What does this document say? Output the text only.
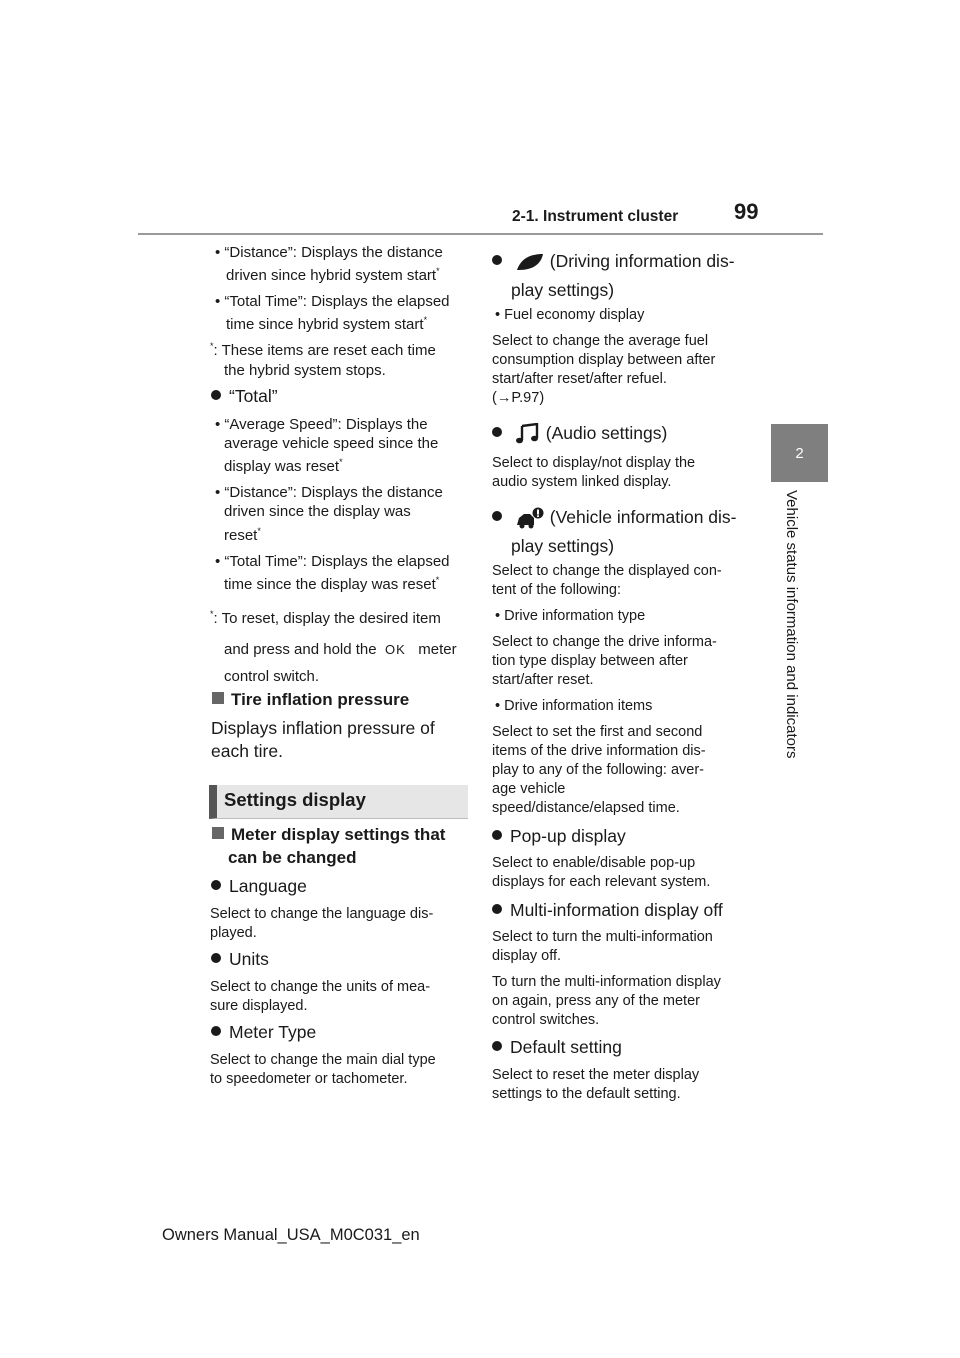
2-1. Instrument cluster	99
2
Vehicle status information and indicators
• “Distance”: Displays the distance
driven since hybrid system start*
• “Total Time”: Displays the elapsed
time since hybrid system start*
*: These items are reset each time
the hybrid system stops.
“Total”
• “Average Speed”: Displays the
average vehicle speed since the
display was reset*
• “Distance”: Displays the distance
driven since the display was
reset*
• “Total Time”: Displays the elapsed
time since the display was reset*
*: To reset, display the desired item
and press and hold the OK meter
control switch.
Tire inflation pressure
Displays inflation pressure of
each tire.
Settings display
Meter display settings that
can be changed
Language
Select to change the language dis-
played.
Units
Select to change the units of mea-
sure displayed.
Meter Type
Select to change the main dial type
to speedometer or tachometer.
(Driving information dis-
play settings)
• Fuel economy display
Select to change the average fuel
consumption display between after
start/after reset/after refuel.
(→P.97)
(Audio settings)
Select to display/not display the
audio system linked display.
(Vehicle information dis-
play settings)
Select to change the displayed con-
tent of the following:
• Drive information type
Select to change the drive informa-
tion type display between after
start/after reset.
• Drive information items
Select to set the first and second
items of the drive information dis-
play to any of the following: aver-
age vehicle
speed/distance/elapsed time.
Pop-up display
Select to enable/disable pop-up
displays for each relevant system.
Multi-information display off
Select to turn the multi-information
display off.
To turn the multi-information display
on again, press any of the meter
control switches.
Default setting
Select to reset the meter display
settings to the default setting.
Owners Manual_USA_M0C031_en
